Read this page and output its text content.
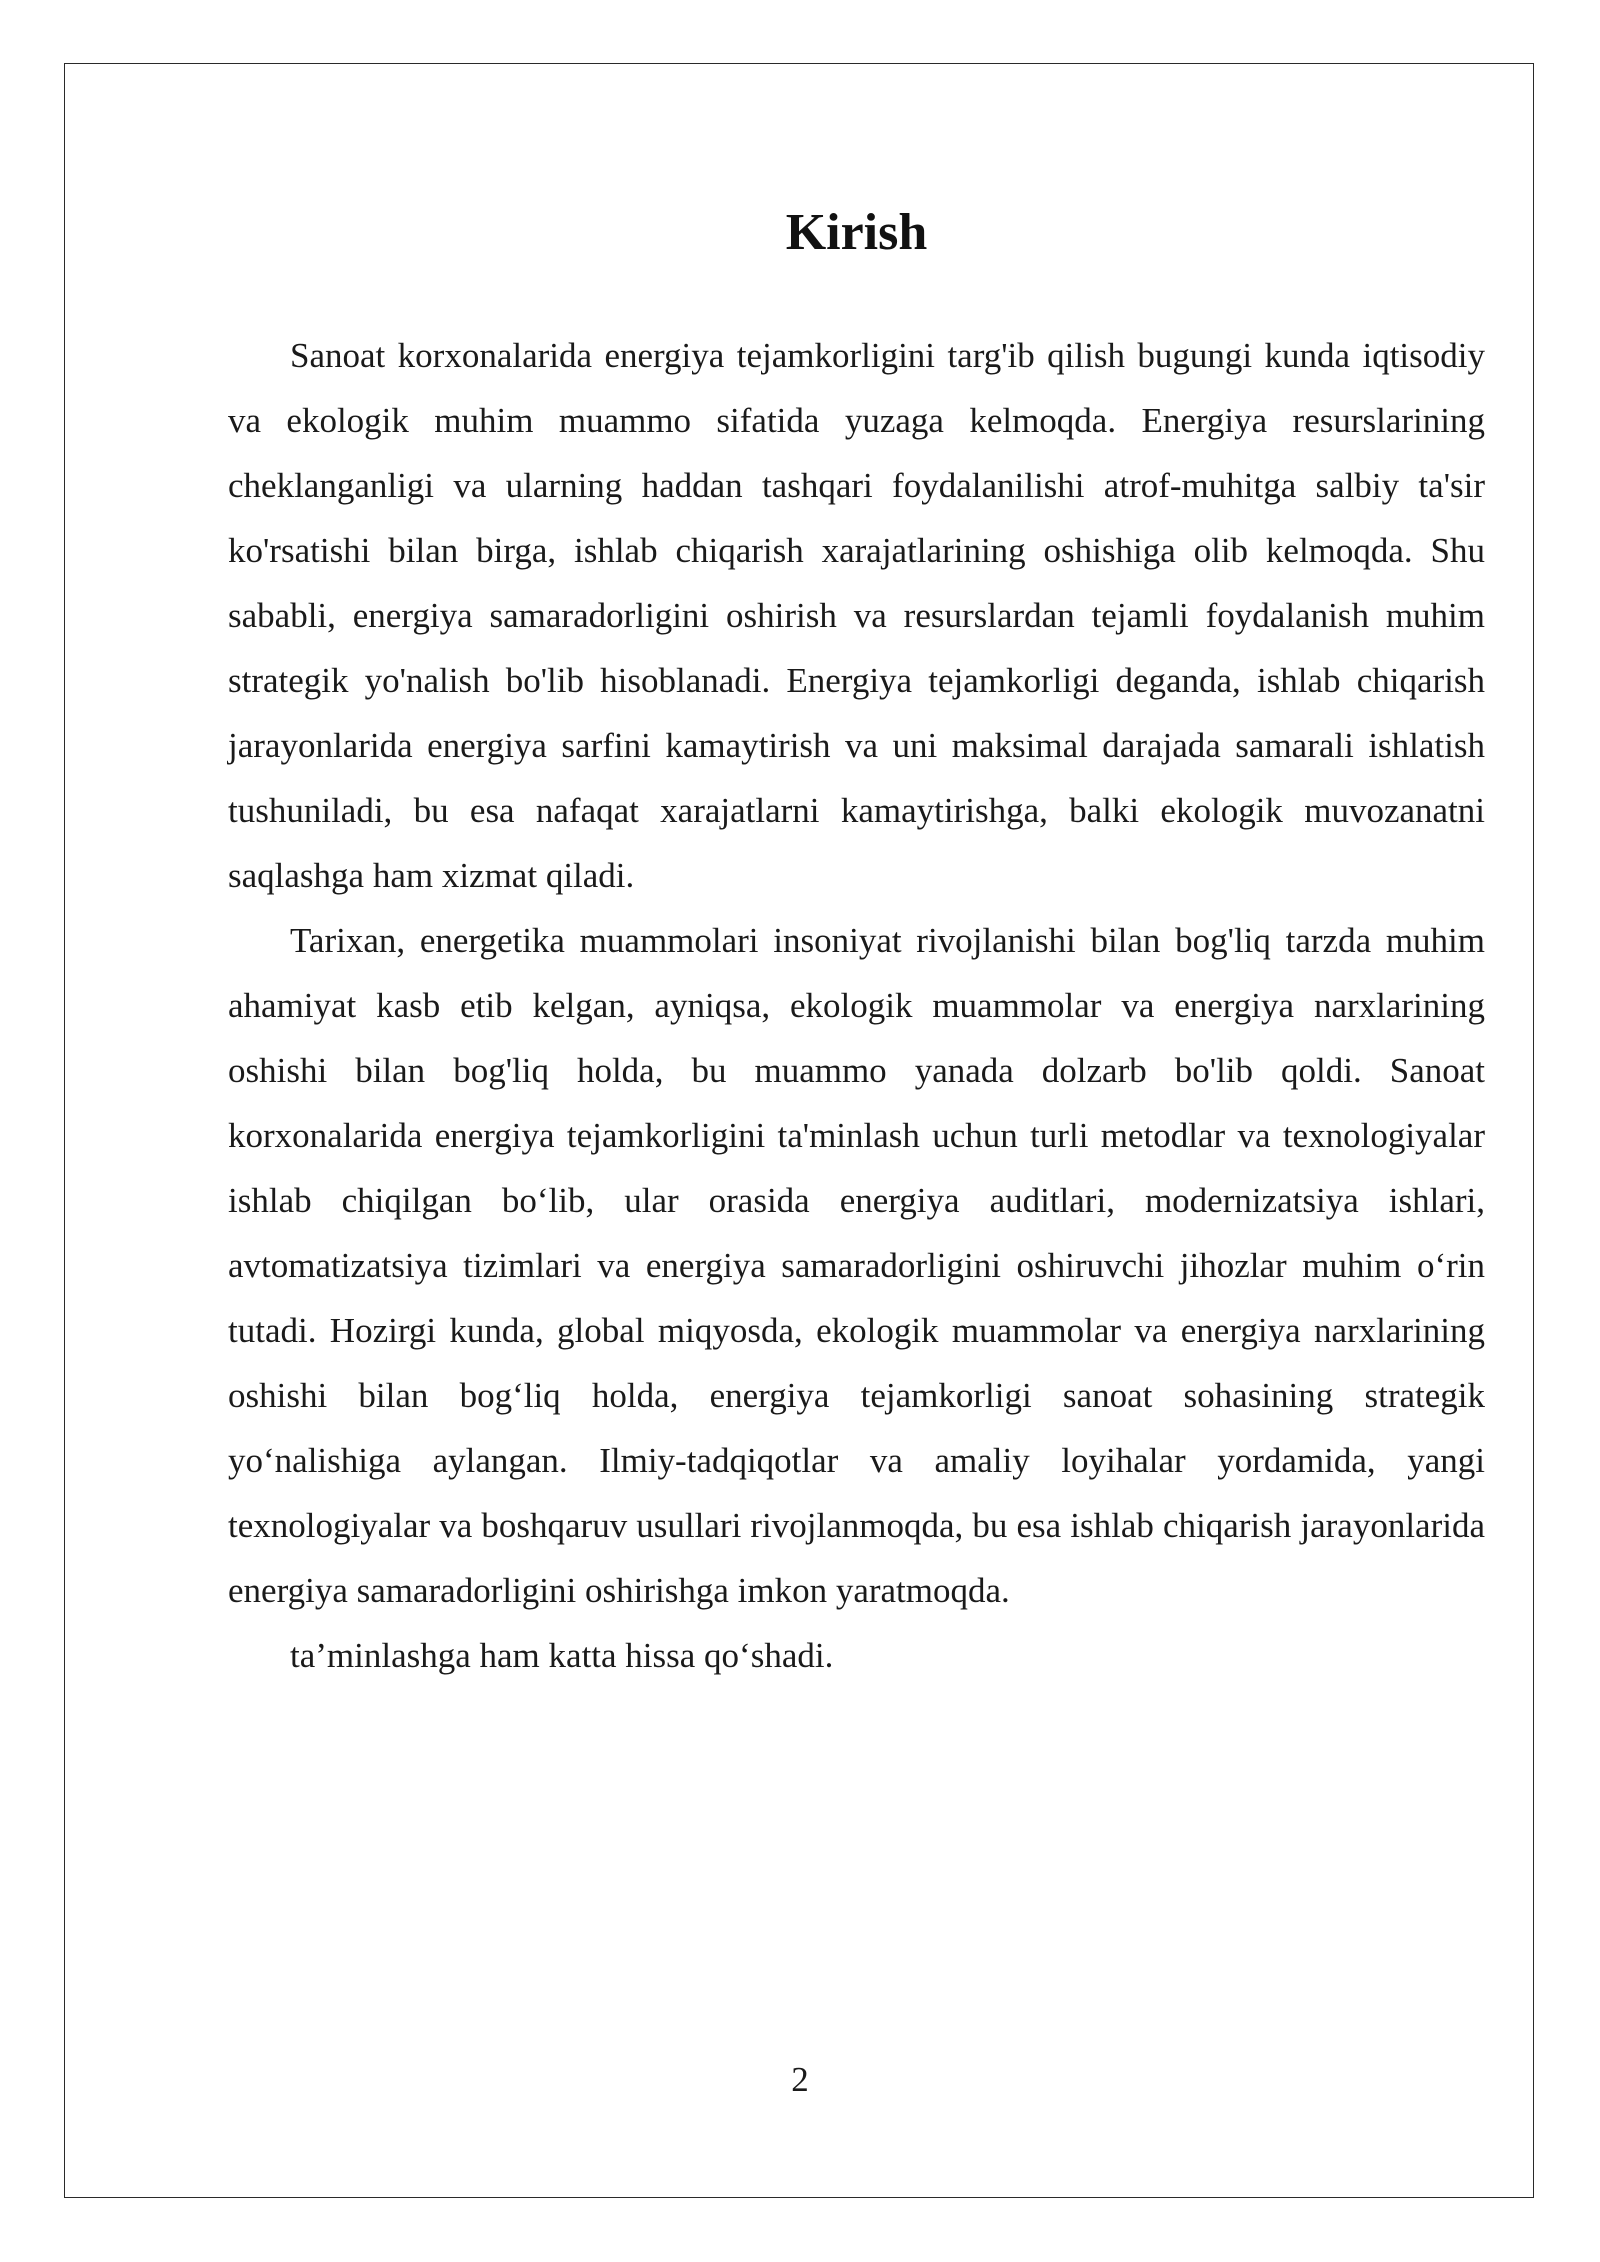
Kirish

Sanoat korxonalarida energiya tejamkorligini targ'ib qilish bugungi kunda iqtisodiy va ekologik muhim muammo sifatida yuzaga kelmoqda. Energiya resurslarining cheklanganligi va ularning haddan tashqari foydalanilishi atrof-muhitga salbiy ta'sir ko'rsatishi bilan birga, ishlab chiqarish xarajatlarining oshishiga olib kelmoqda. Shu sababli, energiya samaradorligini oshirish va resurslardan tejamli foydalanish muhim strategik yo'nalish bo'lib hisoblanadi. Energiya tejamkorligi deganda, ishlab chiqarish jarayonlarida energiya sarfini kamaytirish va uni maksimal darajada samarali ishlatish tushuniladi, bu esa nafaqat xarajatlarni kamaytirishga, balki ekologik muvozanatni saqlashga ham xizmat qiladi.

Tarixan, energetika muammolari insoniyat rivojlanishi bilan bog'liq tarzda muhim ahamiyat kasb etib kelgan, ayniqsa, ekologik muammolar va energiya narxlarining oshishi bilan bog'liq holda, bu muammo yanada dolzarb bo'lib qoldi. Sanoat korxonalarida energiya tejamkorligini ta'minlash uchun turli metodlar va texnologiyalar ishlab chiqilgan bo‘lib, ular orasida energiya auditlari, modernizatsiya ishlari, avtomatizatsiya tizimlari va energiya samaradorligini oshiruvchi jihozlar muhim o‘rin tutadi. Hozirgi kunda, global miqyosda, ekologik muammolar va energiya narxlarining oshishi bilan bog‘liq holda, energiya tejamkorligi sanoat sohasining strategik yo‘nalishiga aylangan. Ilmiy-tadqiqotlar va amaliy loyihalar yordamida, yangi texnologiyalar va boshqaruv usullari rivojlanmoqda, bu esa ishlab chiqarish jarayonlarida energiya samaradorligini oshirishga imkon yaratmoqda.

ta’minlashga ham katta hissa qo‘shadi.

2
